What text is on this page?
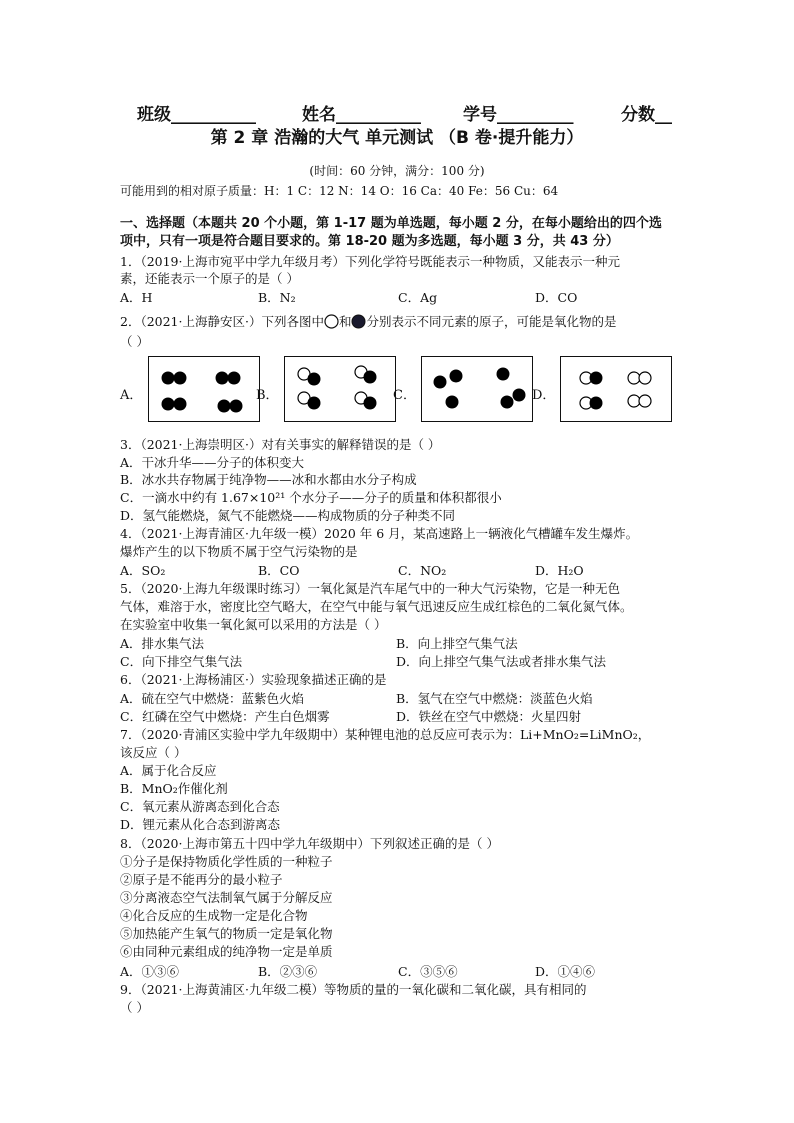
班级__________	姓名__________ 学号_________	分数__
第 2 章 浩瀚的大气 单元测试 （B 卷·提升能力）
(时间：60 分钟，满分：100 分)
可能用到的相对原子质量：H：1 C：12 N：14 O：16 Ca：40 Fe：56 Cu：64
一、选择题（本题共 20 个小题，第 1-17 题为单选题，每小题 2 分，在每小题给出的四个选
项中，只有一项是符合题目要求的。第 18-20 题为多选题，每小题 3 分，共 43 分）
1．（2019·上海市宛平中学九年级月考）下列化学符号既能表示一种物质，又能表示一种元
素，还能表示一个原子的是（ ）
A．H	B．N₂	C．Ag	D．CO
2．（2021·上海静安区·）下列各图中 和 分别表示不同元素的原子，可能是氧化物的是
（ ）
A．	B．	C．	D．
3．（2021·上海崇明区·）对有关事实的解释错误的是（ ）
A．干冰升华——分子的体积变大
B．冰水共存物属于纯净物——冰和水都由水分子构成
C．一滴水中约有 1.67×10²¹ 个水分子——分子的质量和体积都很小
D．氢气能燃烧，氮气不能燃烧——构成物质的分子种类不同
4．（2021·上海青浦区·九年级一模）2020 年 6 月，某高速路上一辆液化气槽罐车发生爆炸。
爆炸产生的以下物质不属于空气污染物的是
A．SO₂	B．CO	C．NO₂	D．H₂O
5．（2020·上海九年级课时练习）一氧化氮是汽车尾气中的一种大气污染物，它是一种无色
气体，难溶于水，密度比空气略大，在空气中能与氧气迅速反应生成红棕色的二氧化氮气体。
在实验室中收集一氧化氮可以采用的方法是（ ）
A．排水集气法	B．向上排空气集气法
C．向下排空气集气法	D．向上排空气集气法或者排水集气法
6．（2021·上海杨浦区·）实验现象描述正确的是
A．硫在空气中燃烧：蓝紫色火焰	B．氢气在空气中燃烧：淡蓝色火焰
C．红磷在空气中燃烧：产生白色烟雾	D．铁丝在空气中燃烧：火星四射
7．（2020·青浦区实验中学九年级期中）某种锂电池的总反应可表示为：Li+MnO₂=LiMnO₂，
该反应（ ）
A．属于化合反应
B．MnO₂作催化剂
C．氧元素从游离态到化合态
D．锂元素从化合态到游离态
8．（2020·上海市第五十四中学九年级期中）下列叙述正确的是（ ）
①分子是保持物质化学性质的一种粒子
②原子是不能再分的最小粒子
③分离液态空气法制氧气属于分解反应
④化合反应的生成物一定是化合物
⑤加热能产生氧气的物质一定是氧化物
⑥由同种元素组成的纯净物一定是单质
A．①③⑥	B．②③⑥	C．③⑤⑥	D．①④⑥
9．（2021·上海黄浦区·九年级二模）等物质的量的一氧化碳和二氧化碳，具有相同的
（ ）
